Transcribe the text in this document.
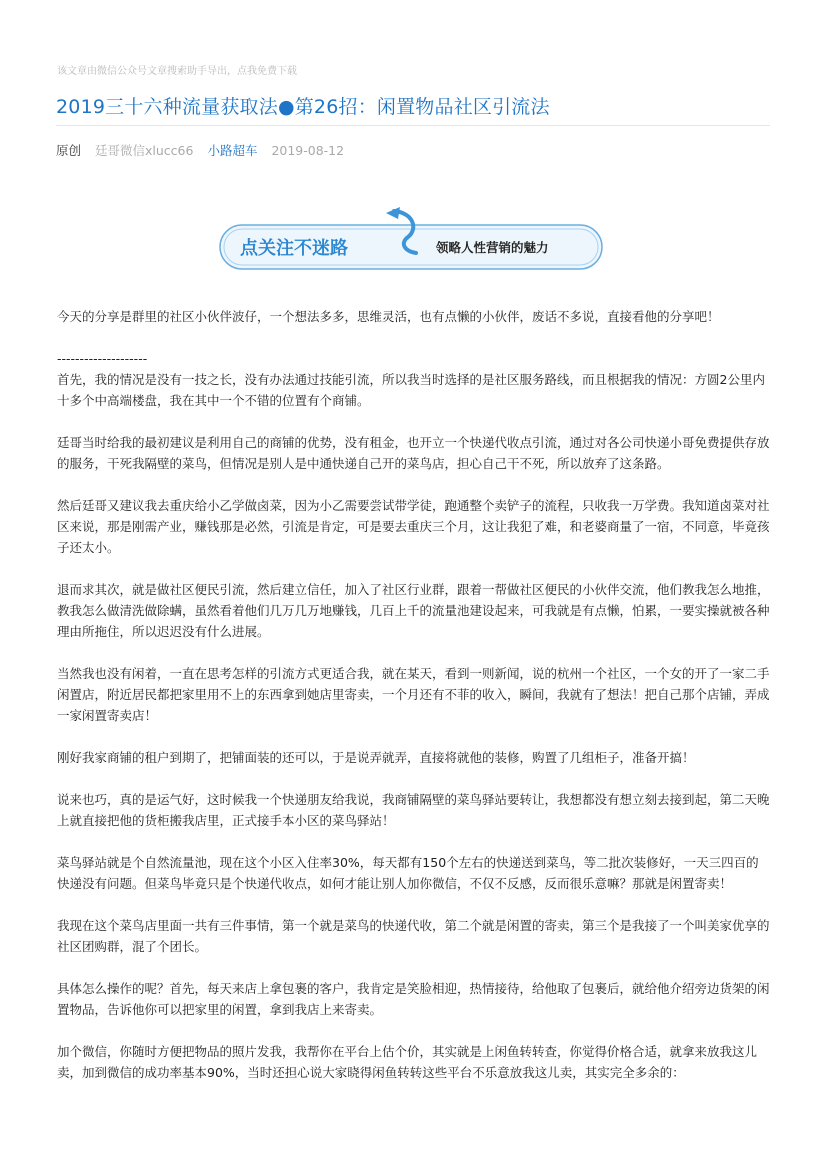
该文章由微信公众号文章搜索助手导出，点我免费下载
2019三十六种流量获取法●第26招：闲置物品社区引流法
原创 廷哥微信xlucc66 小路超车 2019-08-12
点关注不迷路	领略人性营销的魅力

今天的分享是群里的社区小伙伴波仔，一个想法多多，思维灵活，也有点懒的小伙伴，废话不多说，直接看他的分享吧！

--------------------

首先，我的情况是没有一技之长，没有办法通过技能引流，所以我当时选择的是社区服务路线，而且根据我的情况：方圆2公里内十多个中高端楼盘，我在其中一个不错的位置有个商铺。

廷哥当时给我的最初建议是利用自己的商铺的优势，没有租金，也开立一个快递代收点引流，通过对各公司快递小哥免费提供存放的服务，干死我隔壁的菜鸟，但情况是别人是中通快递自己开的菜鸟店，担心自己干不死，所以放弃了这条路。

然后廷哥又建议我去重庆给小乙学做卤菜，因为小乙需要尝试带学徒，跑通整个卖铲子的流程，只收我一万学费。我知道卤菜对社区来说，那是刚需产业，赚钱那是必然，引流是肯定，可是要去重庆三个月，这让我犯了难，和老婆商量了一宿，不同意，毕竟孩子还太小。

退而求其次，就是做社区便民引流，然后建立信任，加入了社区行业群，跟着一帮做社区便民的小伙伴交流，他们教我怎么地推，教我怎么做清洗做除螨，虽然看着他们几万几万地赚钱，几百上千的流量池建设起来，可我就是有点懒，怕累，一要实操就被各种理由所拖住，所以迟迟没有什么进展。

当然我也没有闲着，一直在思考怎样的引流方式更适合我，就在某天，看到一则新闻，说的杭州一个社区，一个女的开了一家二手闲置店，附近居民都把家里用不上的东西拿到她店里寄卖，一个月还有不菲的收入，瞬间，我就有了想法！把自己那个店铺，弄成一家闲置寄卖店！

刚好我家商铺的租户到期了，把铺面装的还可以，于是说弄就弄，直接将就他的装修，购置了几组柜子，准备开搞！

说来也巧，真的是运气好，这时候我一个快递朋友给我说，我商铺隔壁的菜鸟驿站要转让，我想都没有想立刻去接到起，第二天晚上就直接把他的货柜搬我店里，正式接手本小区的菜鸟驿站！

菜鸟驿站就是个自然流量池，现在这个小区入住率30%，每天都有150个左右的快递送到菜鸟，等二批次装修好，一天三四百的快递没有问题。但菜鸟毕竟只是个快递代收点，如何才能让别人加你微信，不仅不反感，反而很乐意嘛？那就是闲置寄卖！

我现在这个菜鸟店里面一共有三件事情，第一个就是菜鸟的快递代收，第二个就是闲置的寄卖，第三个是我接了一个叫美家优享的社区团购群，混了个团长。

具体怎么操作的呢？首先，每天来店上拿包裹的客户，我肯定是笑脸相迎，热情接待，给他取了包裹后，就给他介绍旁边货架的闲置物品，告诉他你可以把家里的闲置，拿到我店上来寄卖。

加个微信，你随时方便把物品的照片发我，我帮你在平台上估个价，其实就是上闲鱼转转查，你觉得价格合适，就拿来放我这儿卖，加到微信的成功率基本90%，当时还担心说大家晓得闲鱼转转这些平台不乐意放我这儿卖，其实完全多余的：
